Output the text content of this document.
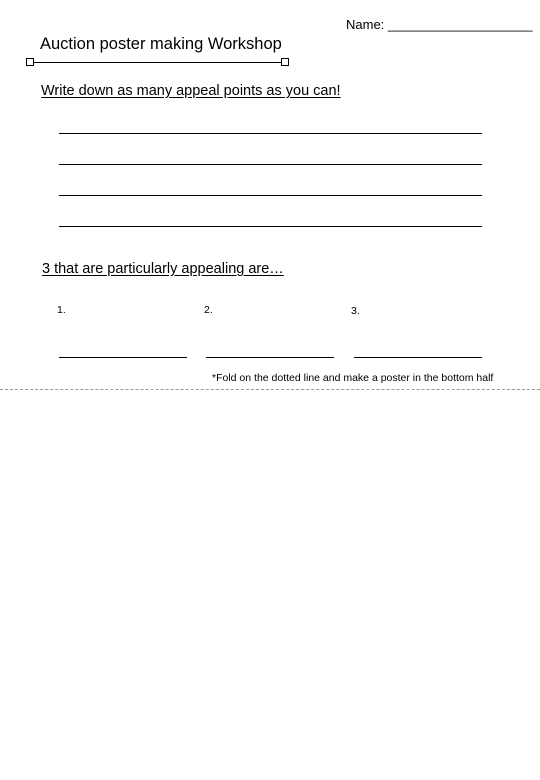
Name: ____________________
Auction poster making Workshop
Write down as many appeal points as you can!
3 that are particularly appealing are…
1.	2.	3.
*Fold on the dotted line and make a poster in the bottom half
